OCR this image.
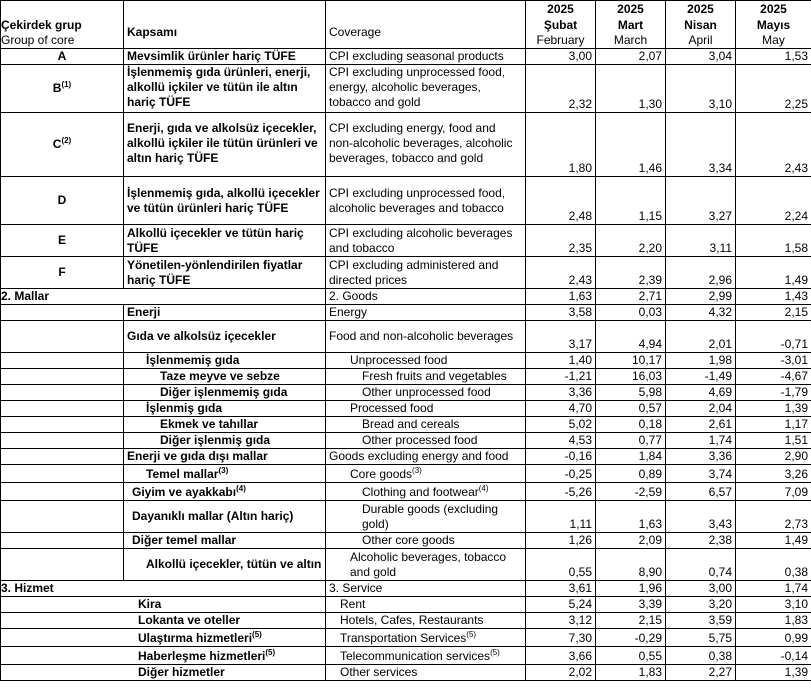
			2025	2025	2025	2025
Çekirdek grup	Kapsamı	Coverage	Şubat	Mart	Nisan	Mayıs
Group of core			February	March	April	May
A	Mevsimlik ürünler hariç TÜFE	CPI excluding seasonal products	3,00	2,07	3,04	1,53
$B^{(1)}$	İşlenmemiş gıda ürünleri, enerji, alkollü içkiler ve tütün ile altın hariç TÜFE	CPI excluding unprocessed food, energy, alcoholic beverages, tobacco and gold	2,32	1,30	3,10	2,25
$C^{(2)}$	Enerji, gıda ve alkolsüz içecekler, alkollü içkiler ile tütün ürünleri ve altın hariç TÜFE	CPI excluding energy, food and non-alcoholic beverages, alcoholic beverages, tobacco and gold	1,80	1,46	3,34	2,43
D	İşlenmemiş gıda, alkollü içecekler ve tütün ürünleri hariç TÜFE	CPI excluding unprocessed food, alcoholic beverages and tobacco	2,48	1,15	3,27	2,24
E	Alkollü içecekler ve tütün hariç TÜFE	CPI excluding alcoholic beverages and tobacco	2,35	2,20	3,11	1,58
F	Yönetilen-yönlendirilen fiyatlar hariç TÜFE	CPI excluding administered and directed prices	2,43	2,39	2,96	1,49
2. Mallar		2. Goods	1,63	2,71	2,99	1,43
	Enerji	Energy	3,58	0,03	4,32	2,15
	Gıda ve alkolsüz içecekler	Food and non-alcoholic beverages	3,17	4,94	2,01	-0,71
	İşlenmemiş gıda	Unprocessed food	1,40	10,17	1,98	-3,01
	Taze meyve ve sebze	Fresh fruits and vegetables	-1,21	16,03	-1,49	-4,67
	Diğer işlenmemiş gıda	Other unprocessed food	3,36	5,98	4,69	-1,79
	İşlenmiş gıda	Processed food	4,70	0,57	2,04	1,39
	Ekmek ve tahıllar	Bread and cereals	5,02	0,18	2,61	1,17
	Diğer işlenmiş gıda	Other processed food	4,53	0,77	1,74	1,51
	Enerji ve gıda dışı mallar	Goods excluding energy and food	-0,16	1,84	3,36	2,90
	Temel mallar$^{(3)}$	Core goods$^{(3)}$	-0,25	0,89	3,74	3,26
	Giyim ve ayakkabı$^{(4)}$	Clothing and footwear$^{(4)}$	-5,26	-2,59	6,57	7,09
	Dayanıklı mallar (Altın hariç)	Durable goods (excluding gold)	1,11	1,63	3,43	2,73
	Diğer temel mallar	Other core goods	1,26	2,09	2,38	1,49
	Alkollü içecekler, tütün ve altın	Alcoholic beverages, tobacco and gold	0,55	8,90	0,74	0,38
3. Hizmet		3. Service	3,61	1,96	3,00	1,74
Kira		Rent	5,24	3,39	3,20	3,10
Lokanta ve oteller		Hotels, Cafes, Restaurants	3,12	2,15	3,59	1,83
Ulaştırma hizmetleri$^{(5)}$		Transportation Services$^{(5)}$	7,30	-0,29	5,75	0,99
Haberleşme hizmetleri$^{(5)}$		Telecommunication services$^{(5)}$	3,66	0,55	0,38	-0,14
Diğer hizmetler		Other services	2,02	1,83	2,27	1,39
